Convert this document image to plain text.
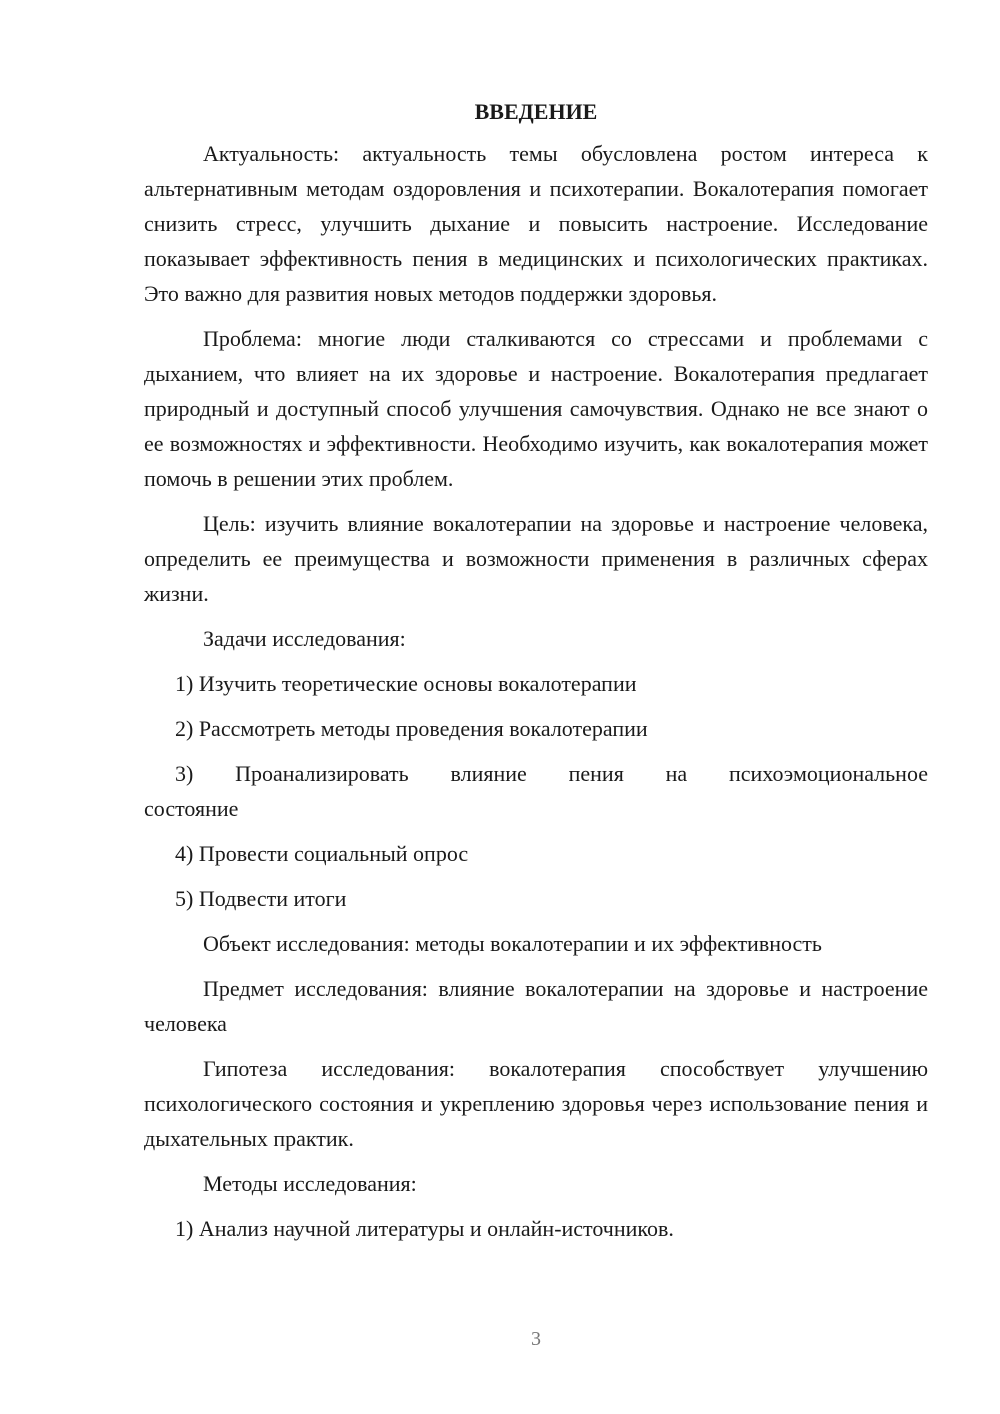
ВВЕДЕНИЕ

Актуальность: актуальность темы обусловлена ростом интереса к альтернативным методам оздоровления и психотерапии. Вокалотерапия помогает снизить стресс, улучшить дыхание и повысить настроение. Исследование показывает эффективность пения в медицинских и психологических практиках. Это важно для развития новых методов поддержки здоровья.

Проблема: многие люди сталкиваются со стрессами и проблемами с дыханием, что влияет на их здоровье и настроение. Вокалотерапия предлагает природный и доступный способ улучшения самочувствия. Однако не все знают о ее возможностях и эффективности. Необходимо изучить, как вокалотерапия может помочь в решении этих проблем.

Цель: изучить влияние вокалотерапии на здоровье и настроение человека, определить ее преимущества и возможности применения в различных сферах жизни.

Задачи исследования:

1) Изучить теоретические основы вокалотерапии

2) Рассмотреть методы проведения вокалотерапии

3) Проанализировать влияние пения на психоэмоциональное

состояние

4) Провести социальный опрос

5) Подвести итоги

Объект исследования: методы вокалотерапии и их эффективность

Предмет исследования: влияние вокалотерапии на здоровье и настроение человека

Гипотеза исследования: вокалотерапия способствует улучшению психологического состояния и укреплению здоровья через использование пения и дыхательных практик.

Методы исследования:

1) Анализ научной литературы и онлайн-источников.

3
